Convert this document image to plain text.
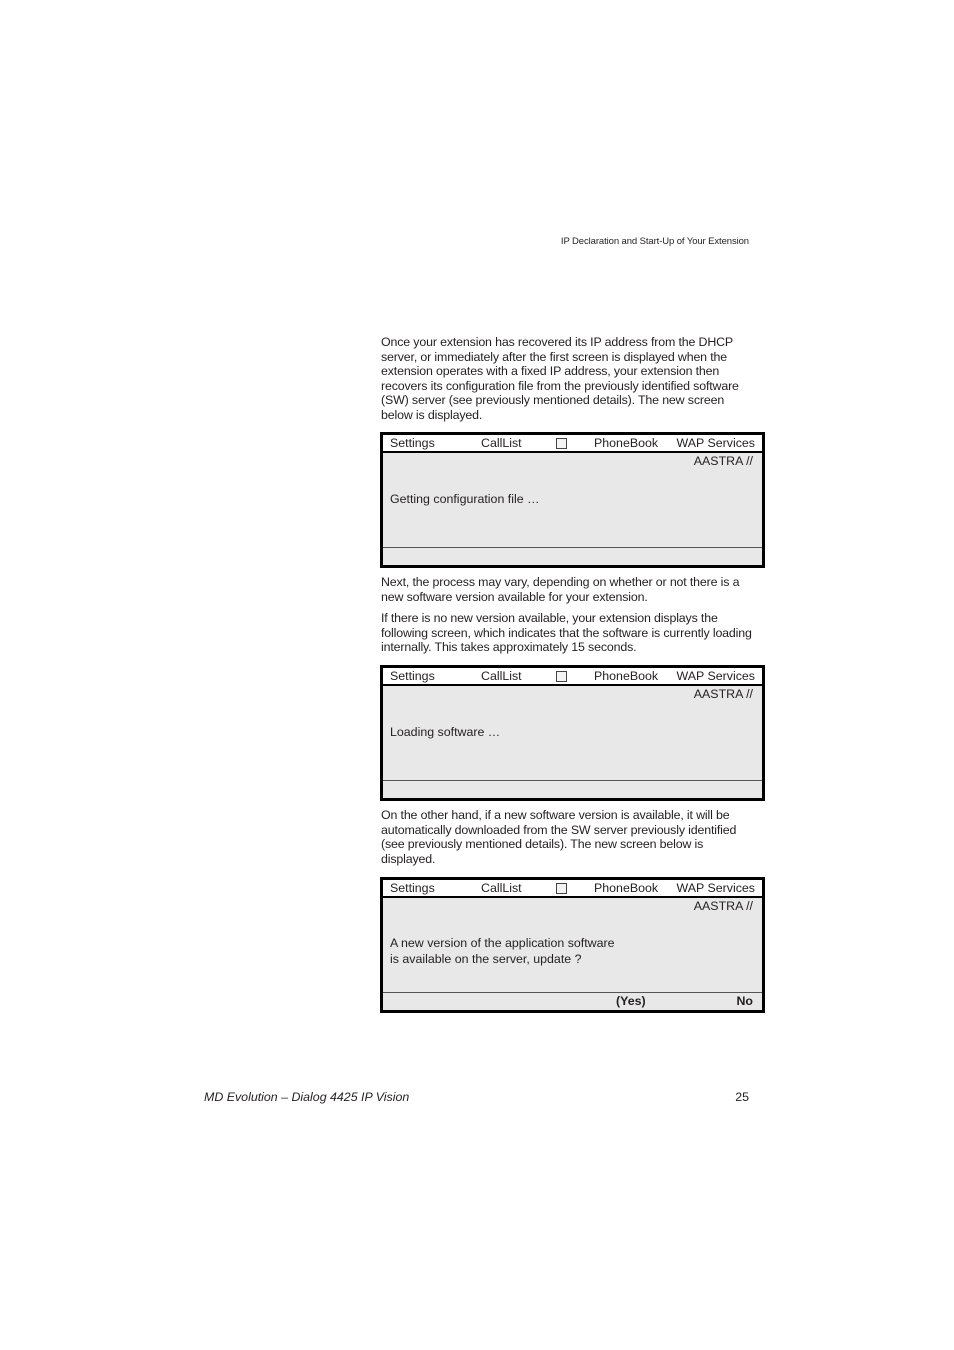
IP Declaration and Start-Up of Your Extension

Once your extension has recovered its IP address from the DHCP server, or immediately after the first screen is displayed when the extension operates with a fixed IP address, your extension then recovers its configuration file from the previously identified software (SW) server (see previously mentioned details). The new screen below is displayed.

Settings	CallList	PhoneBook WAP Services
AASTRA //
Getting configuration file …

Next, the process may vary, depending on whether or not there is a new software version available for your extension.

If there is no new version available, your extension displays the following screen, which indicates that the software is currently loading internally. This takes approximately 15 seconds.

Settings	CallList	PhoneBook WAP Services
AASTRA //
Loading software …

On the other hand, if a new software version is available, it will be automatically downloaded from the SW server previously identified (see previously mentioned details). The new screen below is displayed.

Settings	CallList	PhoneBook WAP Services
AASTRA //
A new version of the application software
is available on the server, update ?
(Yes)	No
MD Evolution – Dialog 4425 IP Vision	25
